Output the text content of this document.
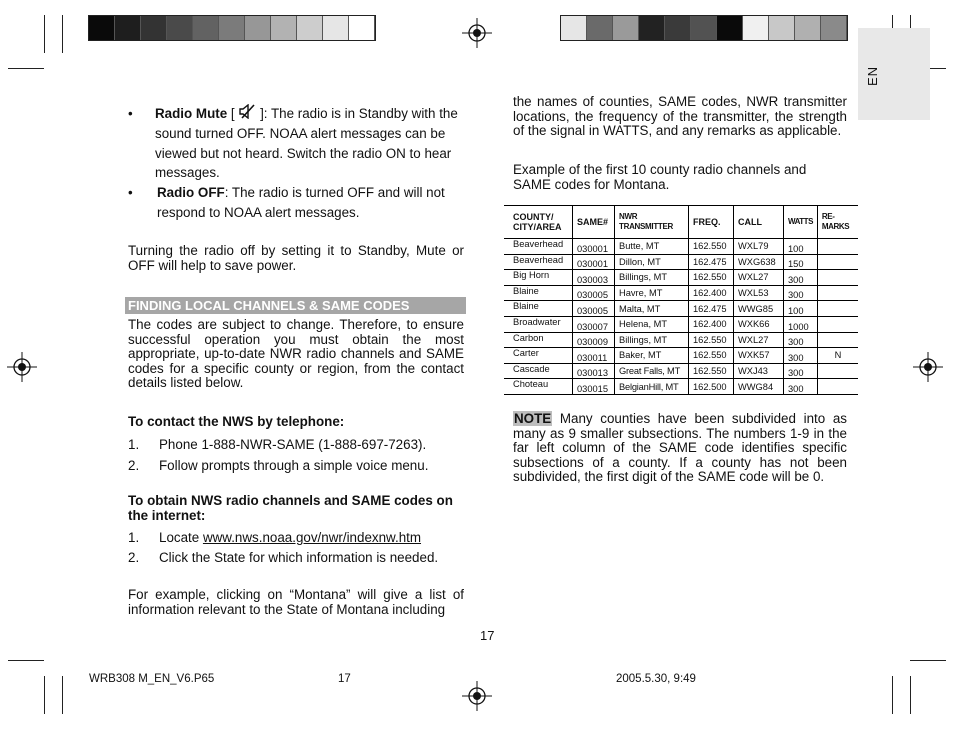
EN
•	Radio Mute [  ]: The radio is in Standby with the sound turned OFF. NOAA alert messages can be viewed but not heard. Switch the radio ON to hear messages.
•	Radio OFF: The radio is turned OFF and will not respond to NOAA alert messages.
Turning the radio off by setting it to Standby, Mute or OFF will help to save power.
FINDING LOCAL CHANNELS & SAME CODES
The codes are subject to change. Therefore, to ensure successful operation you must obtain the most appropriate, up-to-date NWR radio channels and SAME codes for a specific county or region, from the contact details listed below.
To contact the NWS by telephone:
1. Phone 1-888-NWR-SAME (1-888-697-7263).
2. Follow prompts through a simple voice menu.
To obtain NWS radio channels and SAME codes on the internet:
1. Locate www.nws.noaa.gov/nwr/indexnw.htm
2. Click the State for which information is needed.
For example, clicking on “Montana” will give a list of information relevant to the State of Montana including
the names of counties, SAME codes, NWR transmitter locations, the frequency of the transmitter, the strength of the signal in WATTS, and any remarks as applicable.
Example of the first 10 county radio channels and SAME codes for Montana.
COUNTY/ CITY/AREA	SAME#	NWR TRANSMITTER	FREQ.	CALL	WATTS	RE- MARKS
Beaverhead	030001	Butte, MT	162.550	WXL79	100	
Beaverhead	030001	Dillon, MT	162.475	WXG638	150	
Big Horn	030003	Billings, MT	162.550	WXL27	300	
Blaine	030005	Havre, MT	162.400	WXL53	300	
Blaine	030005	Malta, MT	162.475	WWG85	100	
Broadwater	030007	Helena, MT	162.400	WXK66	1000	
Carbon	030009	Billings, MT	162.550	WXL27	300	
Carter	030011	Baker, MT	162.550	WXK57	300	N
Cascade	030013	Great Falls, MT	162.550	WXJ43	300	
Choteau	030015	BelgianHill, MT	162.500	WWG84	300	
NOTE Many counties have been subdivided into as many as 9 smaller subsections. The numbers 1-9 in the far left column of the SAME code identifies specific subsections of a county. If a county has not been subdivided, the first digit of the SAME code will be 0.
17
WRB308 M_EN_V6.P65	17	2005.5.30, 9:49
